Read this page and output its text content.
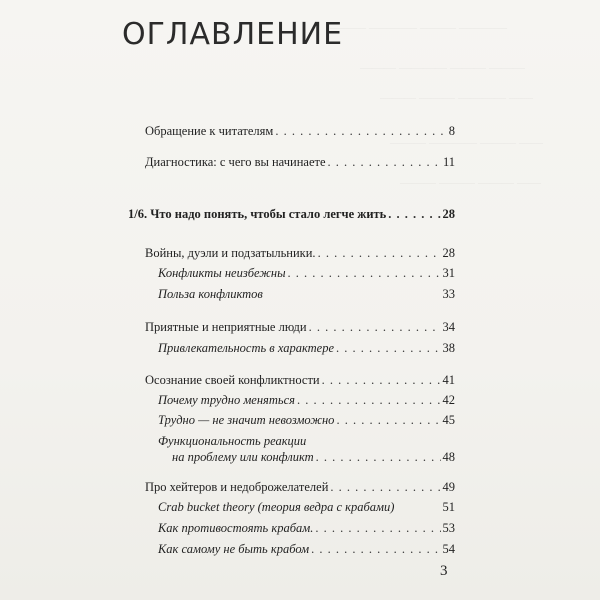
——— ———— ——— ————
——— ———— ——— ———
——— ——— ———— ——
——— ———— ——— ——
——— ——— ——— ——
ОГЛАВЛЕНИЕ
Обращение к читателям . . .	8
Диагностика: с чего вы начинаете . . .	11
1/6. Что надо понять, чтобы стало легче жить . . .	28
Войны, дуэли и подзатыльники. . . .	28
Конфликты неизбежны . . .	31
Польза конфликтов	33
Приятные и неприятные люди . . .	34
Привлекательность в характере . . .	38
Осознание своей конфликтности . . .	41
Почему трудно меняться . . .	42
Трудно — не значит невозможно . . .	45
Функциональность реакции
на проблему или конфликт . . .	48
Про хейтеров и недоброжелателей . . .	49
Crab bucket theory (теория ведра с крабами)	51
Как противостоять крабам. . . .	53
Как самому не быть крабом . . .	54
3
